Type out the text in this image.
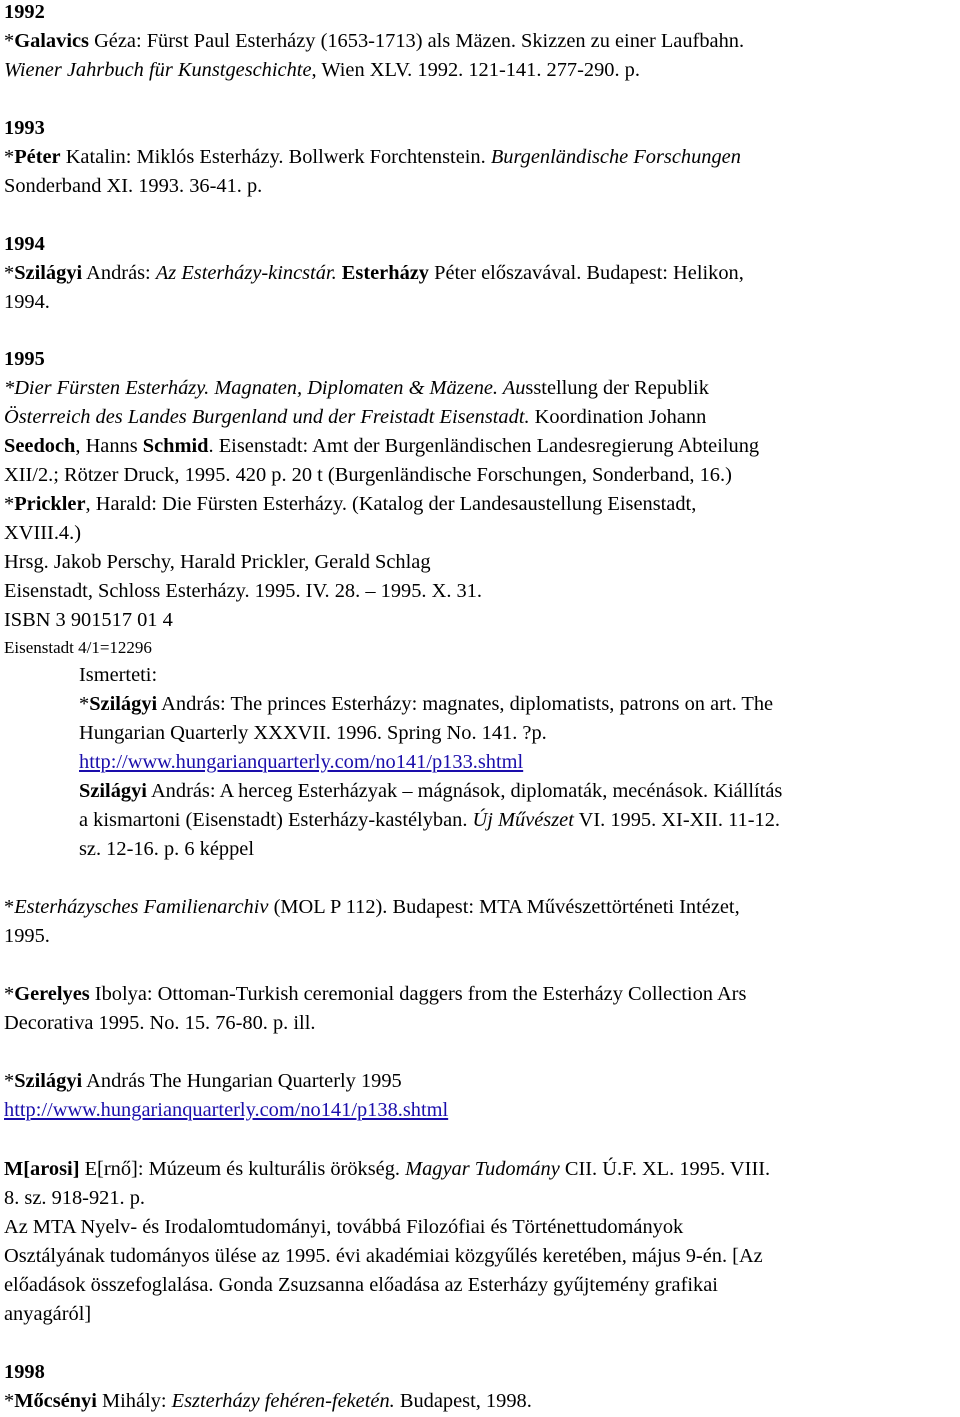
1992
*Galavics Géza: Fürst Paul Esterházy (1653-1713) als Mäzen. Skizzen zu einer Laufbahn.
Wiener Jahrbuch für Kunstgeschichte, Wien XLV. 1992. 121-141. 277-290. p.
1993
*Péter Katalin: Miklós Esterházy. Bollwerk Forchtenstein. Burgenländische Forschungen
Sonderband XI. 1993. 36-41. p.
1994
*Szilágyi András: Az Esterházy-kincstár. Esterházy Péter előszavával. Budapest: Helikon,
1994.
1995
*Dier Fürsten Esterházy. Magnaten, Diplomaten & Mäzene. Ausstellung der Republik
Österreich des Landes Burgenland und der Freistadt Eisenstadt. Koordination Johann
Seedoch, Hanns Schmid. Eisenstadt: Amt der Burgenländischen Landesregierung Abteilung
XII/2.; Rötzer Druck, 1995. 420 p. 20 t (Burgenländische Forschungen, Sonderband, 16.)
*Prickler, Harald: Die Fürsten Esterházy. (Katalog der Landesaustellung Eisenstadt,
XVIII.4.)
Hrsg. Jakob Perschy, Harald Prickler, Gerald Schlag
Eisenstadt, Schloss Esterházy. 1995. IV. 28. – 1995. X. 31.
ISBN 3 901517 01 4
Eisenstadt 4/1=12296
Ismerteti:
*Szilágyi András: The princes Esterházy: magnates, diplomatists, patrons on art. The
Hungarian Quarterly XXXVII. 1996. Spring No. 141. ?p.
http://www.hungarianquarterly.com/no141/p133.shtml
Szilágyi András: A herceg Esterházyak – mágnások, diplomaták, mecénások. Kiállítás
a kismartoni (Eisenstadt) Esterházy-kastélyban. Új Művészet VI. 1995. XI-XII. 11-12.
sz. 12-16. p. 6 képpel
*Esterházysches Familienarchiv (MOL P 112). Budapest: MTA Művészettörténeti Intézet,
1995.
*Gerelyes Ibolya: Ottoman-Turkish ceremonial daggers from the Esterházy Collection Ars
Decorativa 1995. No. 15. 76-80. p. ill.
*Szilágyi András The Hungarian Quarterly 1995
http://www.hungarianquarterly.com/no141/p138.shtml
M[arosi] E[rnő]: Múzeum és kulturális örökség. Magyar Tudomány CII. Ú.F. XL. 1995. VIII.
8. sz. 918-921. p.
Az MTA Nyelv- és Irodalomtudományi, továbbá Filozófiai és Történettudományok
Osztályának tudományos ülése az 1995. évi akadémiai közgyűlés keretében, május 9-én. [Az
előadások összefoglalása. Gonda Zsuzsanna előadása az Esterházy gyűjtemény grafikai
anyagáról]
1998
*Mőcsényi Mihály: Eszterházy fehéren-feketén. Budapest, 1998.
